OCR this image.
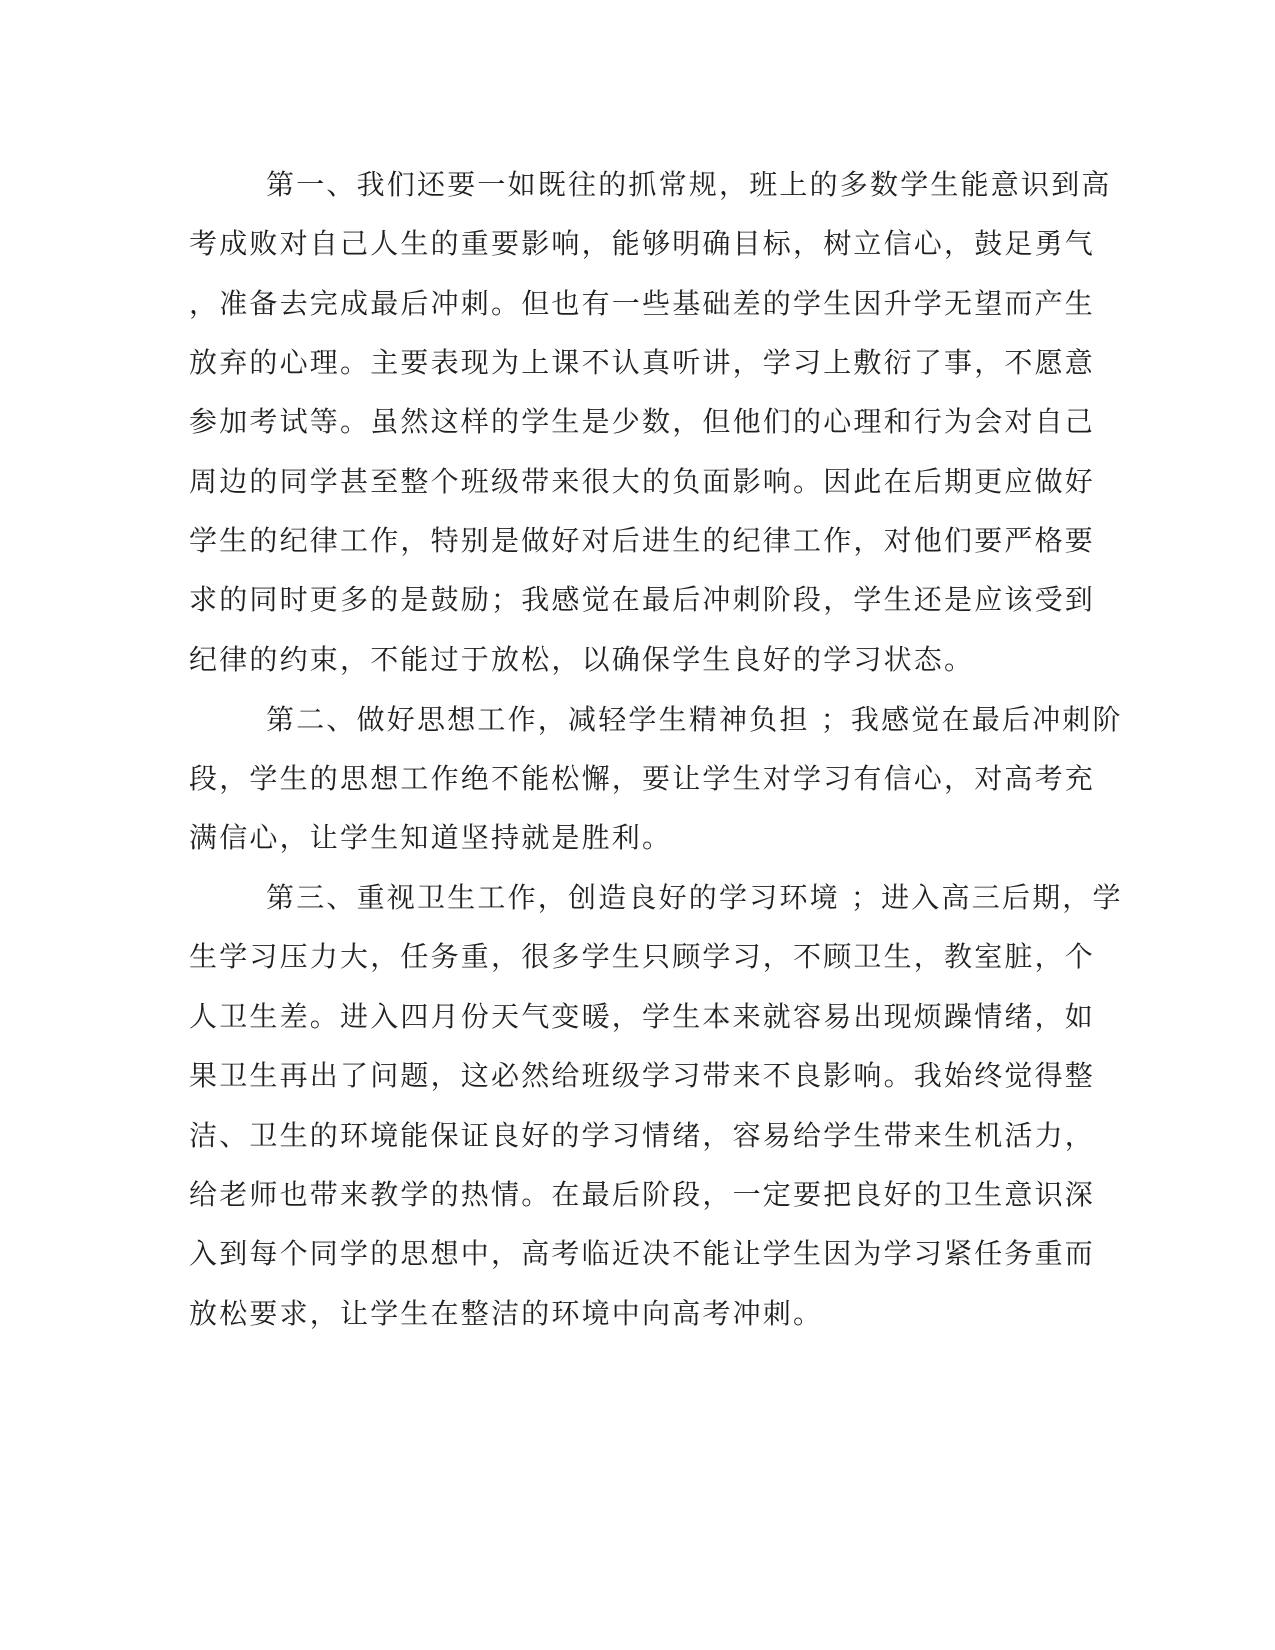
第一、我们还要一如既往的抓常规，班上的多数学生能意识到高

考成败对自己人生的重要影响，能够明确目标，树立信心，鼓足勇气

，准备去完成最后冲刺。但也有一些基础差的学生因升学无望而产生

放弃的心理。主要表现为上课不认真听讲，学习上敷衍了事，不愿意

参加考试等。虽然这样的学生是少数，但他们的心理和行为会对自己

周边的同学甚至整个班级带来很大的负面影响。因此在后期更应做好

学生的纪律工作，特别是做好对后进生的纪律工作，对他们要严格要

求的同时更多的是鼓励；我感觉在最后冲刺阶段，学生还是应该受到

纪律的约束，不能过于放松，以确保学生良好的学习状态。

第二、做好思想工作，减轻学生精神负担 ；我感觉在最后冲刺阶

段，学生的思想工作绝不能松懈，要让学生对学习有信心，对高考充

满信心，让学生知道坚持就是胜利。

第三、重视卫生工作，创造良好的学习环境 ；进入高三后期，学

生学习压力大，任务重，很多学生只顾学习，不顾卫生，教室脏，个

人卫生差。进入四月份天气变暖，学生本来就容易出现烦躁情绪，如

果卫生再出了问题，这必然给班级学习带来不良影响。我始终觉得整

洁、卫生的环境能保证良好的学习情绪，容易给学生带来生机活力，

给老师也带来教学的热情。在最后阶段，一定要把良好的卫生意识深

入到每个同学的思想中，高考临近决不能让学生因为学习紧任务重而

放松要求，让学生在整洁的环境中向高考冲刺。
